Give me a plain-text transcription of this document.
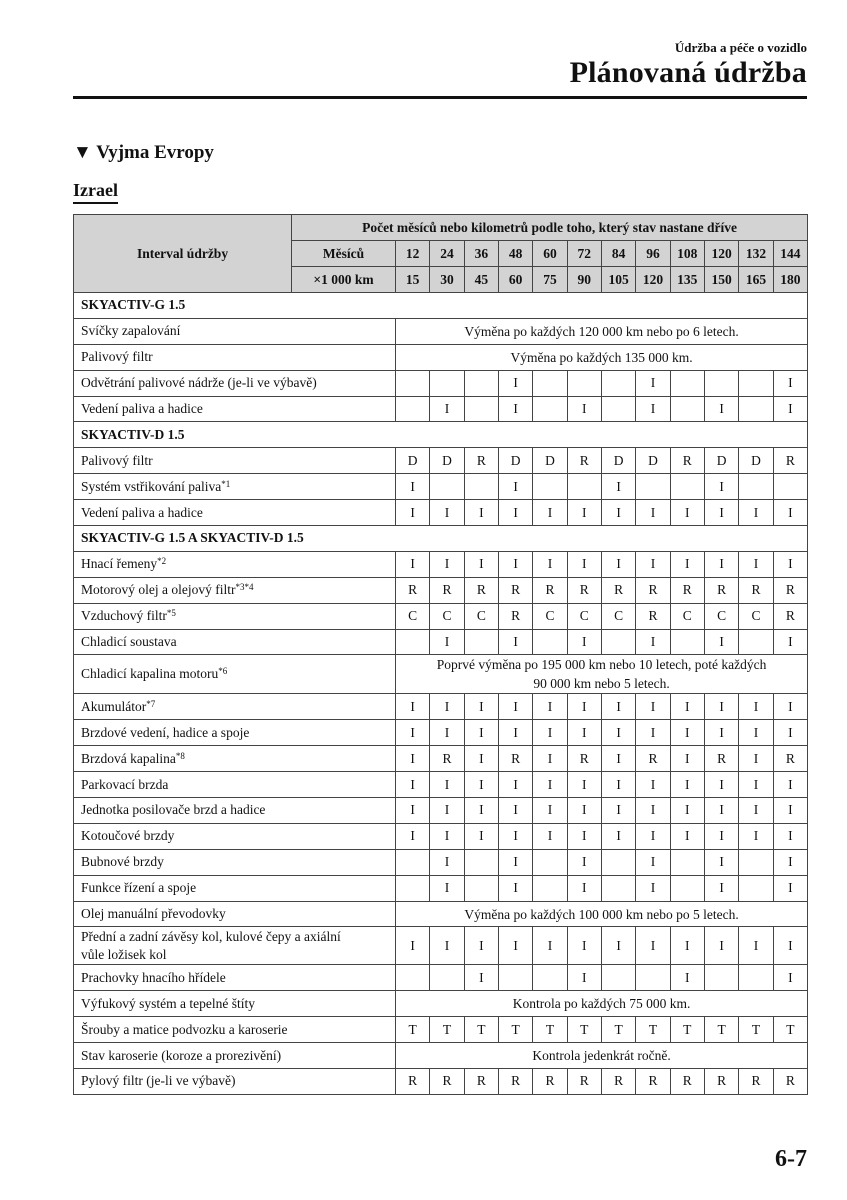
Údržba a péče o vozidlo
Plánovaná údržba
▼ Vyjma Evropy
Izrael
Interval údržby	Počet měsíců nebo kilometrů podle toho, který stav nastane dříve												
	Měsíců	12	24	36	48	60	72	84	96	108	120	132	144
	×1 000 km	15	30	45	60	75	90	105	120	135	150	165	180
SKYACTIV-G 1.5													
Svíčky zapalování		Výměna po každých 120 000 km nebo po 6 letech.											
Palivový filtr		Výměna po každých 135 000 km.											
Odvětrání palivové nádrže (je-li ve výbavě)					I				I				I
Vedení paliva a hadice			I		I		I		I		I		I
SKYACTIV-D 1.5													
Palivový filtr		D	D	R	D	D	R	D	D	R	D	D	R
Systém vstřikování paliva$^{*1}$		I			I			I			I		
Vedení paliva a hadice		I	I	I	I	I	I	I	I	I	I	I	I
SKYACTIV-G 1.5 A SKYACTIV-D 1.5													
Hnací řemeny$^{*2}$		I	I	I	I	I	I	I	I	I	I	I	I
Motorový olej a olejový filtr$^{*3*4}$		R	R	R	R	R	R	R	R	R	R	R	R
Vzduchový filtr$^{*5}$		C	C	C	R	C	C	C	R	C	C	C	R
Chladicí soustava			I		I		I		I		I		I
Chladicí kapalina motoru$^{*6}$		Poprvé výměna po 195 000 km nebo 10 letech, poté každých
90 000 km nebo 5 letech.											
Akumulátor$^{*7}$		I	I	I	I	I	I	I	I	I	I	I	I
Brzdové vedení, hadice a spoje		I	I	I	I	I	I	I	I	I	I	I	I
Brzdová kapalina$^{*8}$		I	R	I	R	I	R	I	R	I	R	I	R
Parkovací brzda		I	I	I	I	I	I	I	I	I	I	I	I
Jednotka posilovače brzd a hadice		I	I	I	I	I	I	I	I	I	I	I	I
Kotoučové brzdy		I	I	I	I	I	I	I	I	I	I	I	I
Bubnové brzdy			I		I		I		I		I		I
Funkce řízení a spoje			I		I		I		I		I		I
Olej manuální převodovky		Výměna po každých 100 000 km nebo po 5 letech.											
Přední a zadní závěsy kol, kulové čepy a axiální
vůle ložisek kol		I	I	I	I	I	I	I	I	I	I	I	I
Prachovky hnacího hřídele				I			I			I			I
Výfukový systém a tepelné štíty		Kontrola po každých 75 000 km.											
Šrouby a matice podvozku a karoserie		T	T	T	T	T	T	T	T	T	T	T	T
Stav karoserie (koroze a prorezivění)		Kontrola jedenkrát ročně.											
Pylový filtr (je-li ve výbavě)		R	R	R	R	R	R	R	R	R	R	R	R
6-7
